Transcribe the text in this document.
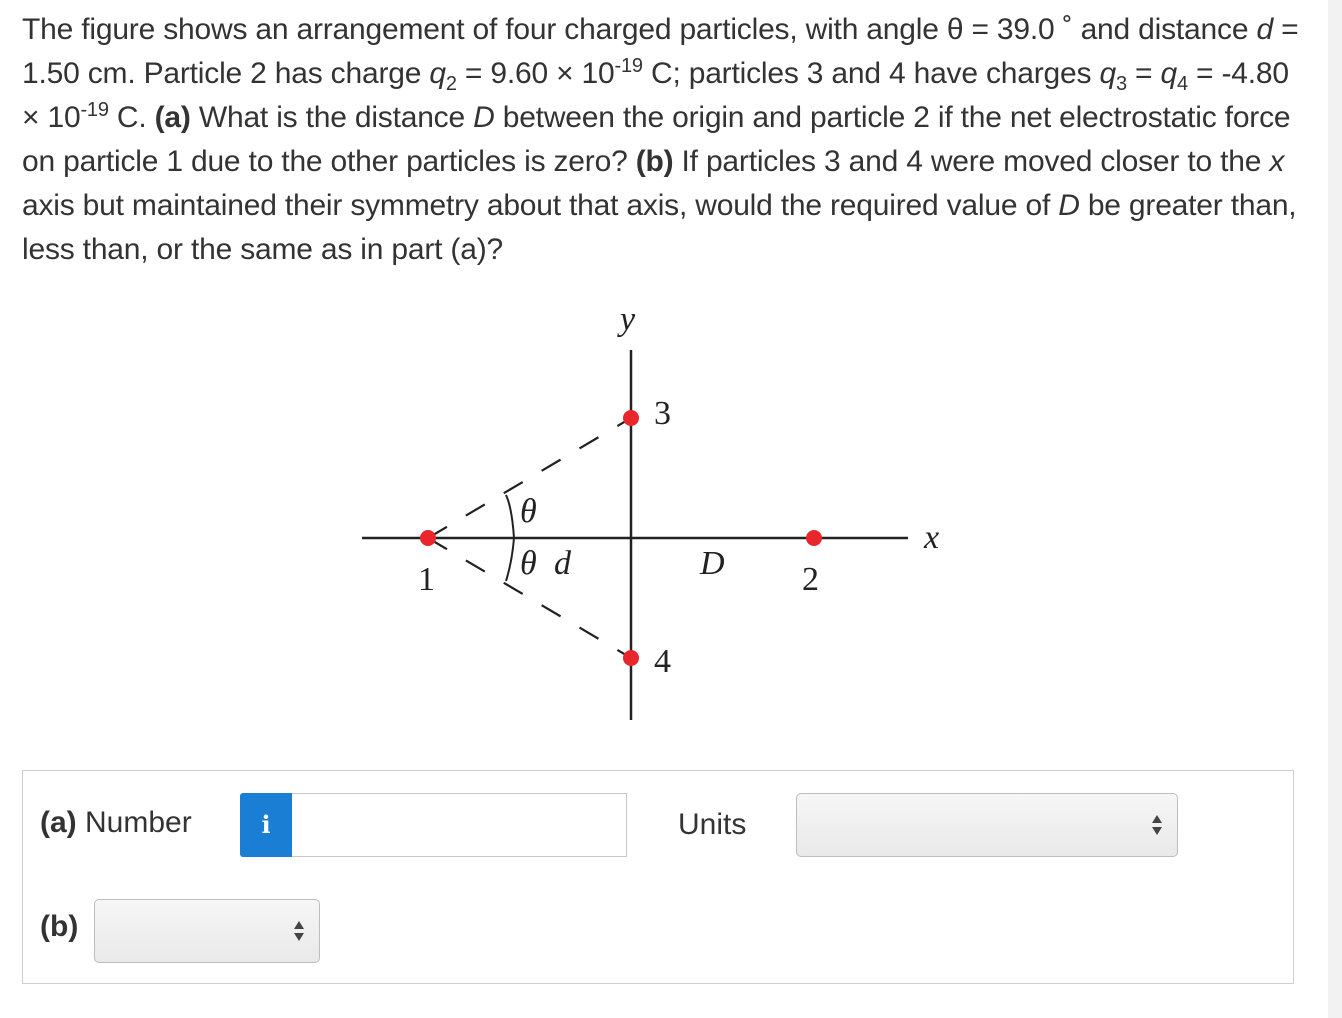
The figure shows an arrangement of four charged particles, with angle θ = 39.0 ˚ and distance d = 1.50 cm. Particle 2 has charge $q_2 = 9.60 \times 10^{-19}$ C; particles 3 and 4 have charges $q_3 = q_4 = -4.80 \times 10^{-19}$ C. (a) What is the distance D between the origin and particle 2 if the net electrostatic force on particle 1 due to the other particles is zero? (b) If particles 3 and 4 were moved closer to the x axis but maintained their symmetry about that axis, would the required value of D be greater than, less than, or the same as in part (a)?
y
x
1	2
3
4
θ
θ d	D
(a) Number	i	Units
(b)
